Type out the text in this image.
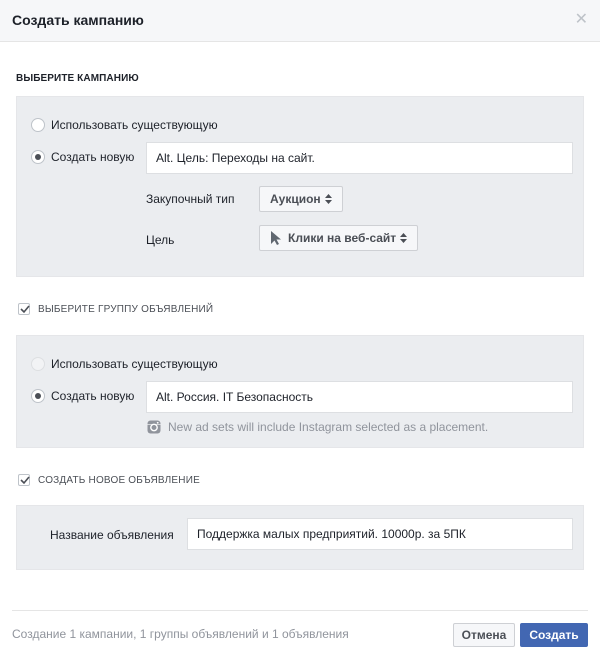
Создать кампанию	✕
ВЫБЕРИТЕ КАМПАНИЮ
Использовать существующую
Создать новую	Alt. Цель: Переходы на сайт.
Закупочный тип	Аукцион
Цель	Клики на веб-сайт
ВЫБЕРИТЕ ГРУППУ ОБЪЯВЛЕНИЙ
Использовать существующую
Создать новую	Alt. Россия. IT Безопасность
New ad sets will include Instagram selected as a placement.
СОЗДАТЬ НОВОЕ ОБЪЯВЛЕНИЕ
Название объявления	Поддержка малых предприятий. 10000р. за 5ПК
Создание 1 кампании, 1 группы объявлений и 1 объявления	Отмена	Создать
